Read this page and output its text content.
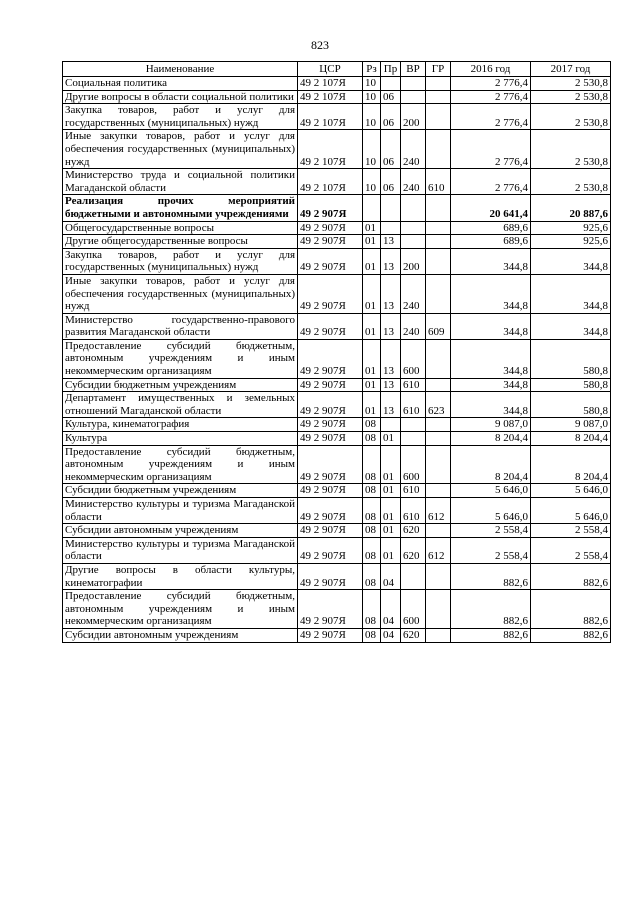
823
Наименование	ЦСР	Рз	Пр	ВР	ГР	2016 год	2017 год
Социальная политика	49 2 107Я	10				2 776,4	2 530,8
Другие вопросы в области социальной политики	49 2 107Я	10	06			2 776,4	2 530,8
Закупка товаров, работ и услуг для государственных (муниципальных) нужд	49 2 107Я	10	06	200		2 776,4	2 530,8
Иные закупки товаров, работ и услуг для обеспечения государственных (муниципальных) нужд	49 2 107Я	10	06	240		2 776,4	2 530,8
Министерство труда и социальной политики Магаданской области	49 2 107Я	10	06	240	610	2 776,4	2 530,8
Реализация прочих мероприятий бюджетными и автономными учреждениями	49 2 907Я					20 641,4	20 887,6
Общегосударственные вопросы	49 2 907Я	01				689,6	925,6
Другие общегосударственные вопросы	49 2 907Я	01	13			689,6	925,6
Закупка товаров, работ и услуг для государственных (муниципальных) нужд	49 2 907Я	01	13	200		344,8	344,8
Иные закупки товаров, работ и услуг для обеспечения государственных (муниципальных) нужд	49 2 907Я	01	13	240		344,8	344,8
Министерство государственно-правового развития Магаданской области	49 2 907Я	01	13	240	609	344,8	344,8
Предоставление субсидий бюджетным, автономным учреждениям и иным некоммерческим организациям	49 2 907Я	01	13	600		344,8	580,8
Субсидии бюджетным учреждениям	49 2 907Я	01	13	610		344,8	580,8
Департамент имущественных и земельных отношений Магаданской области	49 2 907Я	01	13	610	623	344,8	580,8
Культура, кинематография	49 2 907Я	08				9 087,0	9 087,0
Культура	49 2 907Я	08	01			8 204,4	8 204,4
Предоставление субсидий бюджетным, автономным учреждениям и иным некоммерческим организациям	49 2 907Я	08	01	600		8 204,4	8 204,4
Субсидии бюджетным учреждениям	49 2 907Я	08	01	610		5 646,0	5 646,0
Министерство культуры и туризма Магаданской области	49 2 907Я	08	01	610	612	5 646,0	5 646,0
Субсидии автономным учреждениям	49 2 907Я	08	01	620		2 558,4	2 558,4
Министерство культуры и туризма Магаданской области	49 2 907Я	08	01	620	612	2 558,4	2 558,4
Другие вопросы в области культуры, кинематографии	49 2 907Я	08	04			882,6	882,6
Предоставление субсидий бюджетным, автономным учреждениям и иным некоммерческим организациям	49 2 907Я	08	04	600		882,6	882,6
Субсидии автономным учреждениям	49 2 907Я	08	04	620		882,6	882,6
